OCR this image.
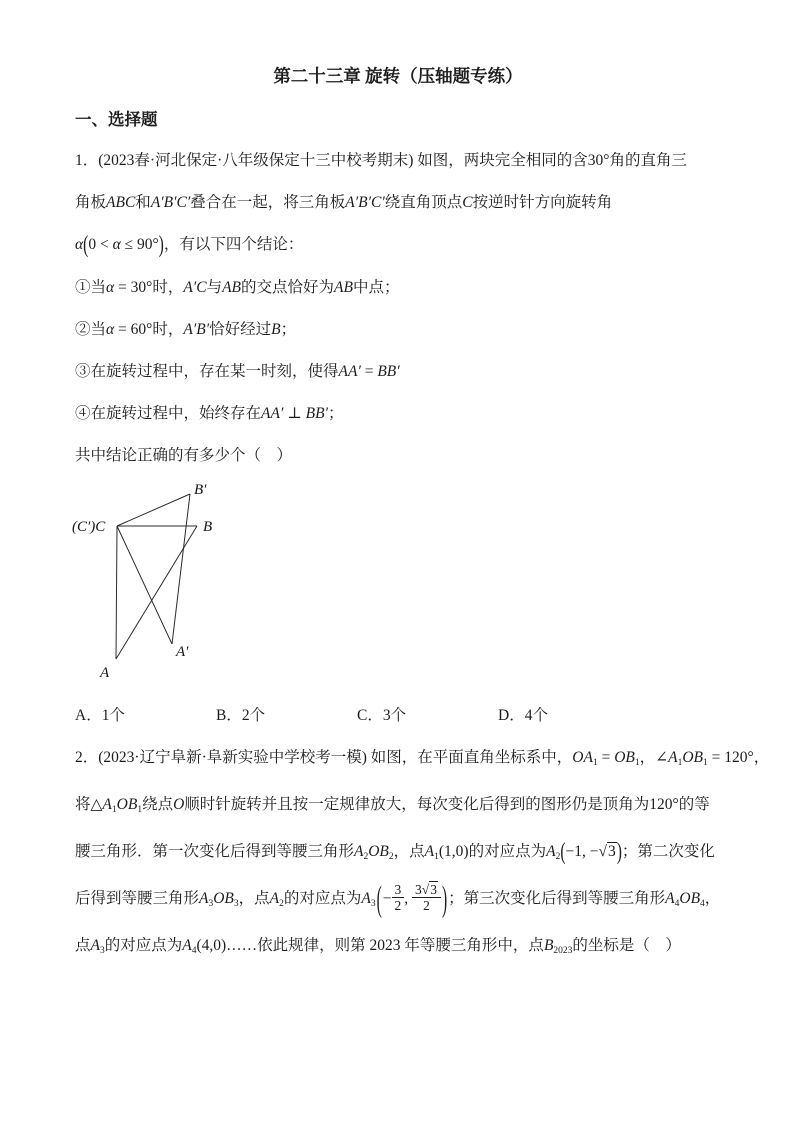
第二十三章 旋转（压轴题专练）
一、选择题
1．(2023春·河北保定·八年级保定十三中校考期末) 如图，两块完全相同的含30°角的直角三
角板ABC和A′B′C′叠合在一起，将三角板A′B′C′绕直角顶点C按逆时针方向旋转角
α(0 < α ≤ 90°)，有以下四个结论：
①当α = 30°时，A′C与AB的交点恰好为AB中点；
②当α = 60°时，A′B′恰好经过B；
③在旋转过程中，存在某一时刻，使得AA′ = BB′
④在旋转过程中，始终存在AA′ ⊥ BB′；
共中结论正确的有多少个（　）
B′
(C′)C	B
A′
A
A．1个	B．2个	C．3个	D．4个
2．(2023·辽宁阜新·阜新实验中学校考一模) 如图，在平面直角坐标系中，$OA_1 = OB_1$，$\angle A_1OB_1 = 120^\circ$，
将$\triangle A_1OB_1$绕点O顺时针旋转并且按一定规律放大，每次变化后得到的图形仍是顶角为120°的等
腰三角形．第一次变化后得到等腰三角形$A_2OB_2$，点$A_1(1,0)$的对应点为$A_2(-1$, −√3)；第二次变化
后得到等腰三角形$A_3OB_3$，点$A_2$的对应点为$A_3(- \frac{3}{2}$ , $\frac{3√3}{2}$ )；第三次变化后得到等腰三角形$A_4OB_4$，
点$A_3$的对应点为$A_4(4,0)\dots\dots$依此规律，则第 2023 年等腰三角形中，点$B_{2023}$的坐标是（　）
